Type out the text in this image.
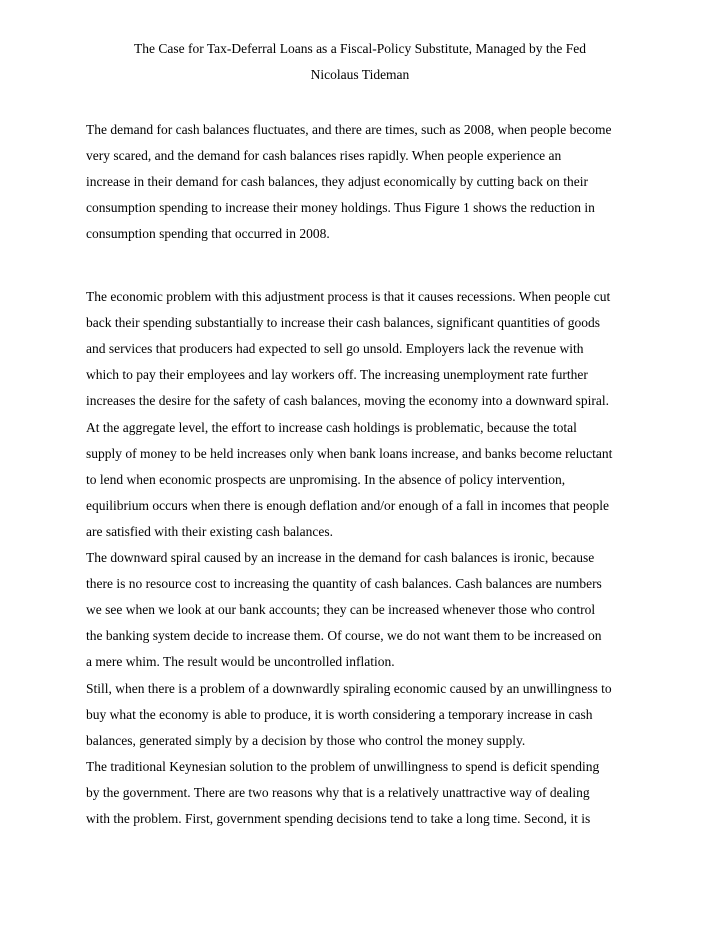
The Case for Tax-Deferral Loans as a Fiscal-Policy Substitute, Managed by the Fed
Nicolaus Tideman

The demand for cash balances fluctuates, and there are times, such as 2008, when people become
very scared, and the demand for cash balances rises rapidly. When people experience an
increase in their demand for cash balances, they adjust economically by cutting back on their
consumption spending to increase their money holdings. Thus Figure 1 shows the reduction in
consumption spending that occurred in 2008.

The economic problem with this adjustment process is that it causes recessions. When people cut
back their spending substantially to increase their cash balances, significant quantities of goods
and services that producers had expected to sell go unsold. Employers lack the revenue with
which to pay their employees and lay workers off. The increasing unemployment rate further
increases the desire for the safety of cash balances, moving the economy into a downward spiral.

At the aggregate level, the effort to increase cash holdings is problematic, because the total
supply of money to be held increases only when bank loans increase, and banks become reluctant
to lend when economic prospects are unpromising. In the absence of policy intervention,
equilibrium occurs when there is enough deflation and/or enough of a fall in incomes that people
are satisfied with their existing cash balances.

The downward spiral caused by an increase in the demand for cash balances is ironic, because
there is no resource cost to increasing the quantity of cash balances. Cash balances are numbers
we see when we look at our bank accounts; they can be increased whenever those who control
the banking system decide to increase them. Of course, we do not want them to be increased on
a mere whim. The result would be uncontrolled inflation.

Still, when there is a problem of a downwardly spiraling economic caused by an unwillingness to
buy what the economy is able to produce, it is worth considering a temporary increase in cash
balances, generated simply by a decision by those who control the money supply.

The traditional Keynesian solution to the problem of unwillingness to spend is deficit spending
by the government. There are two reasons why that is a relatively unattractive way of dealing
with the problem. First, government spending decisions tend to take a long time. Second, it is
